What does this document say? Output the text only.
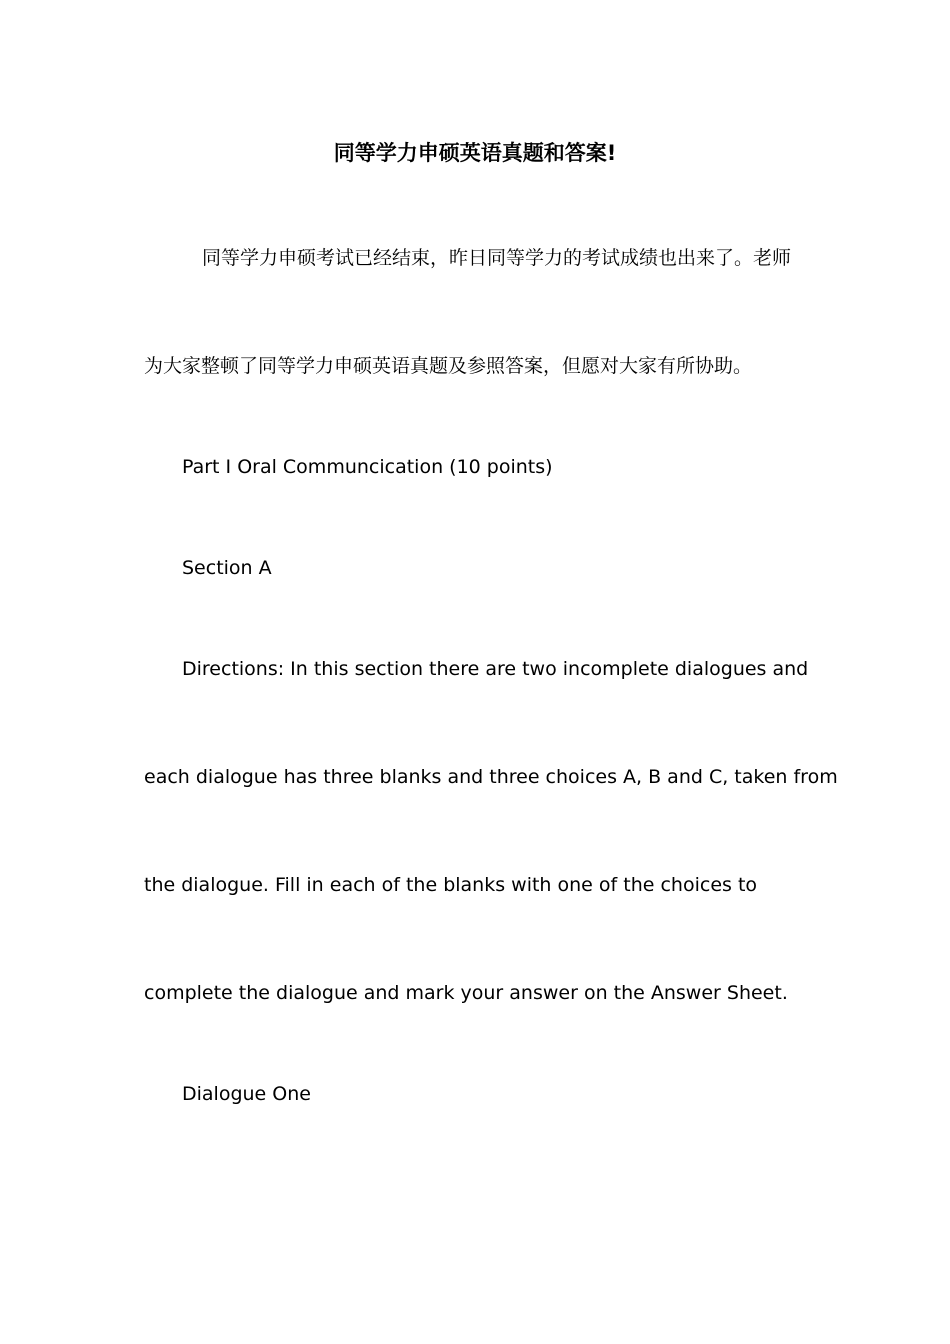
同等学力申硕英语真题和答案!
同等学力申硕考试已经结束，昨日同等学力的考试成绩也出来了。老师
为大家整顿了同等学力申硕英语真题及参照答案，但愿对大家有所协助。
Part I Oral Communcication (10 points)
Section A
Directions: In this section there are two incomplete dialogues and
each dialogue has three blanks and three choices A, B and C, taken from
the dialogue. Fill in each of the blanks with one of the choices to
complete the dialogue and mark your answer on the Answer Sheet.
Dialogue One
